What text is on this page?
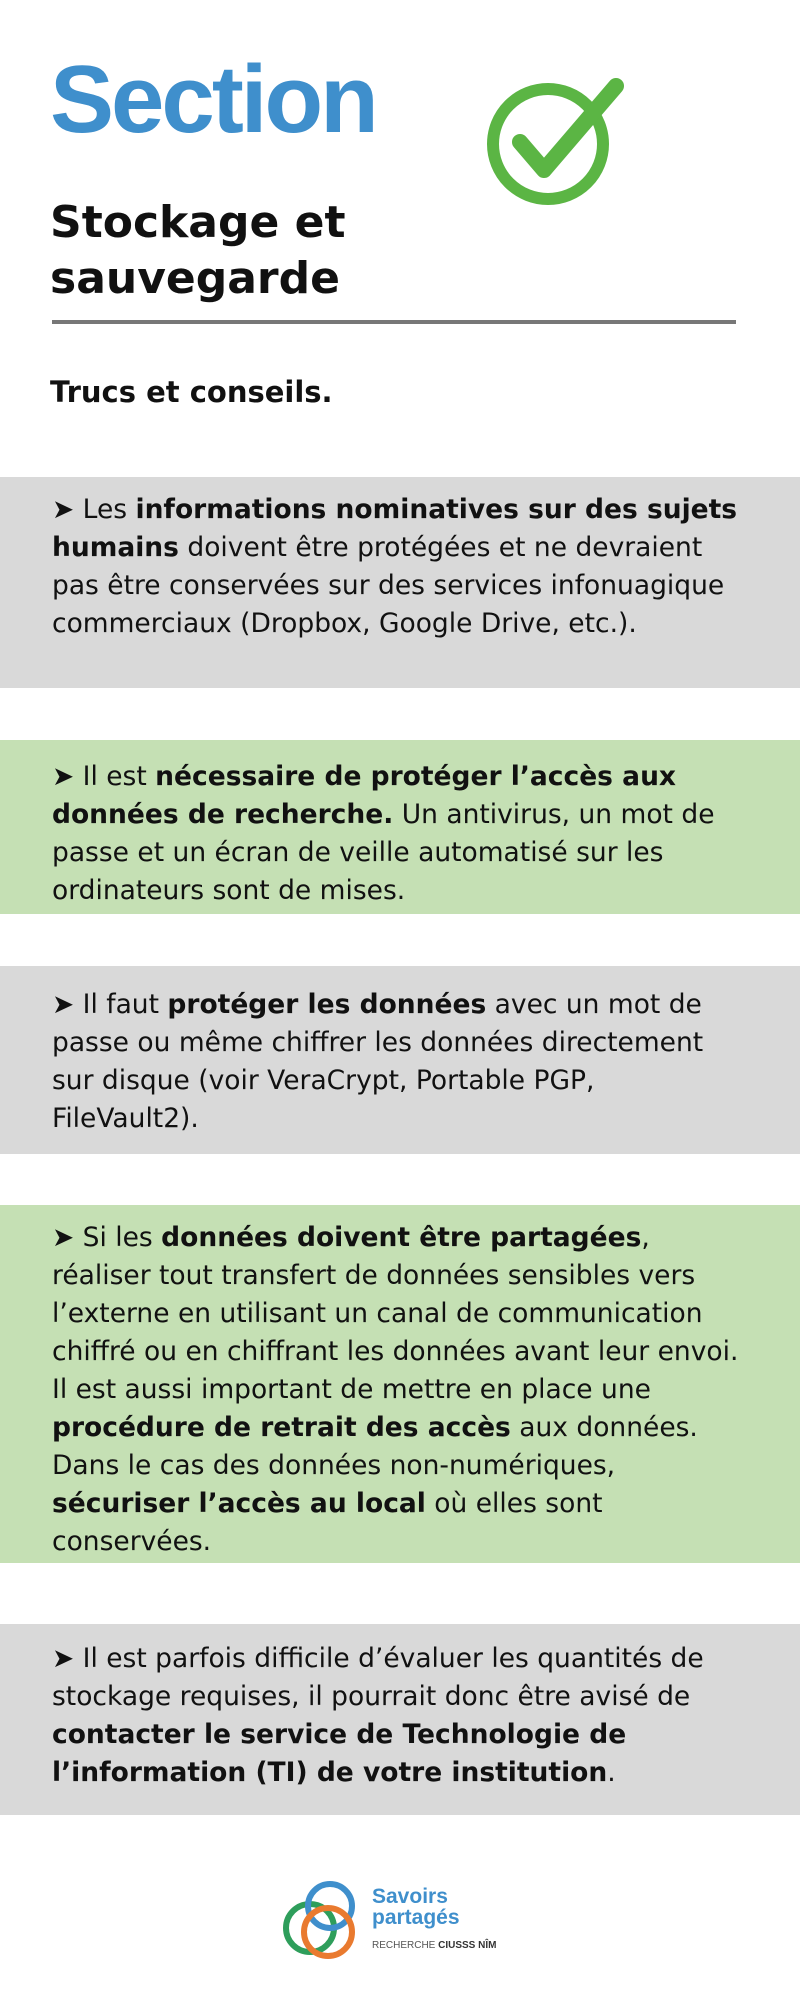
Section
Stockage et
sauvegarde
Trucs et conseils.

➤ Les informations nominatives sur des sujets humains doivent être protégées et ne devraient pas être conservées sur des services infonuagique commerciaux (Dropbox, Google Drive, etc.).

➤ Il est nécessaire de protéger l’accès aux données de recherche. Un antivirus, un mot de passe et un écran de veille automatisé sur les ordinateurs sont de mises.

➤ Il faut protéger les données avec un mot de passe ou même chiffrer les données directement sur disque (voir VeraCrypt, Portable PGP, FileVault2).

➤ Si les données doivent être partagées, réaliser tout transfert de données sensibles vers l’externe en utilisant un canal de communication chiffré ou en chiffrant les données avant leur envoi. Il est aussi important de mettre en place une procédure de retrait des accès aux données. Dans le cas des données non-numériques, sécuriser l’accès au local où elles sont conservées.

➤ Il est parfois difficile d’évaluer les quantités de stockage requises, il pourrait donc être avisé de contacter le service de Technologie de l’information (TI) de votre institution.

Savoirs
partagés
RECHERCHE CIUSSS NÎM
